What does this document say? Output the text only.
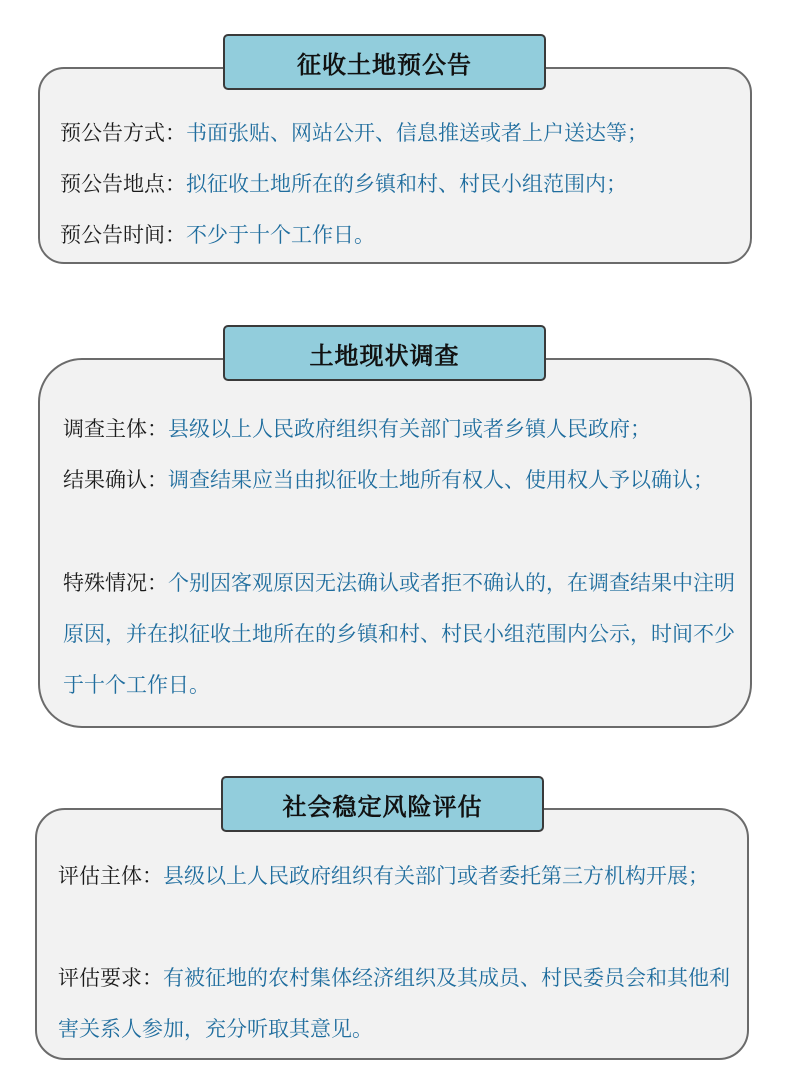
征收土地预公告

预公告方式：书面张贴、网站公开、信息推送或者上户送达等；

预公告地点：拟征收土地所在的乡镇和村、村民小组范围内；

预公告时间：不少于十个工作日。

土地现状调查

调查主体：县级以上人民政府组织有关部门或者乡镇人民政府；

结果确认：调查结果应当由拟征收土地所有权人、使用权人予以确认；

特殊情况：个别因客观原因无法确认或者拒不确认的，在调查结果中注明原因，并在拟征收土地所在的乡镇和村、村民小组范围内公示，时间不少于十个工作日。

社会稳定风险评估

评估主体：县级以上人民政府组织有关部门或者委托第三方机构开展；

评估要求：有被征地的农村集体经济组织及其成员、村民委员会和其他利害关系人参加，充分听取其意见。
